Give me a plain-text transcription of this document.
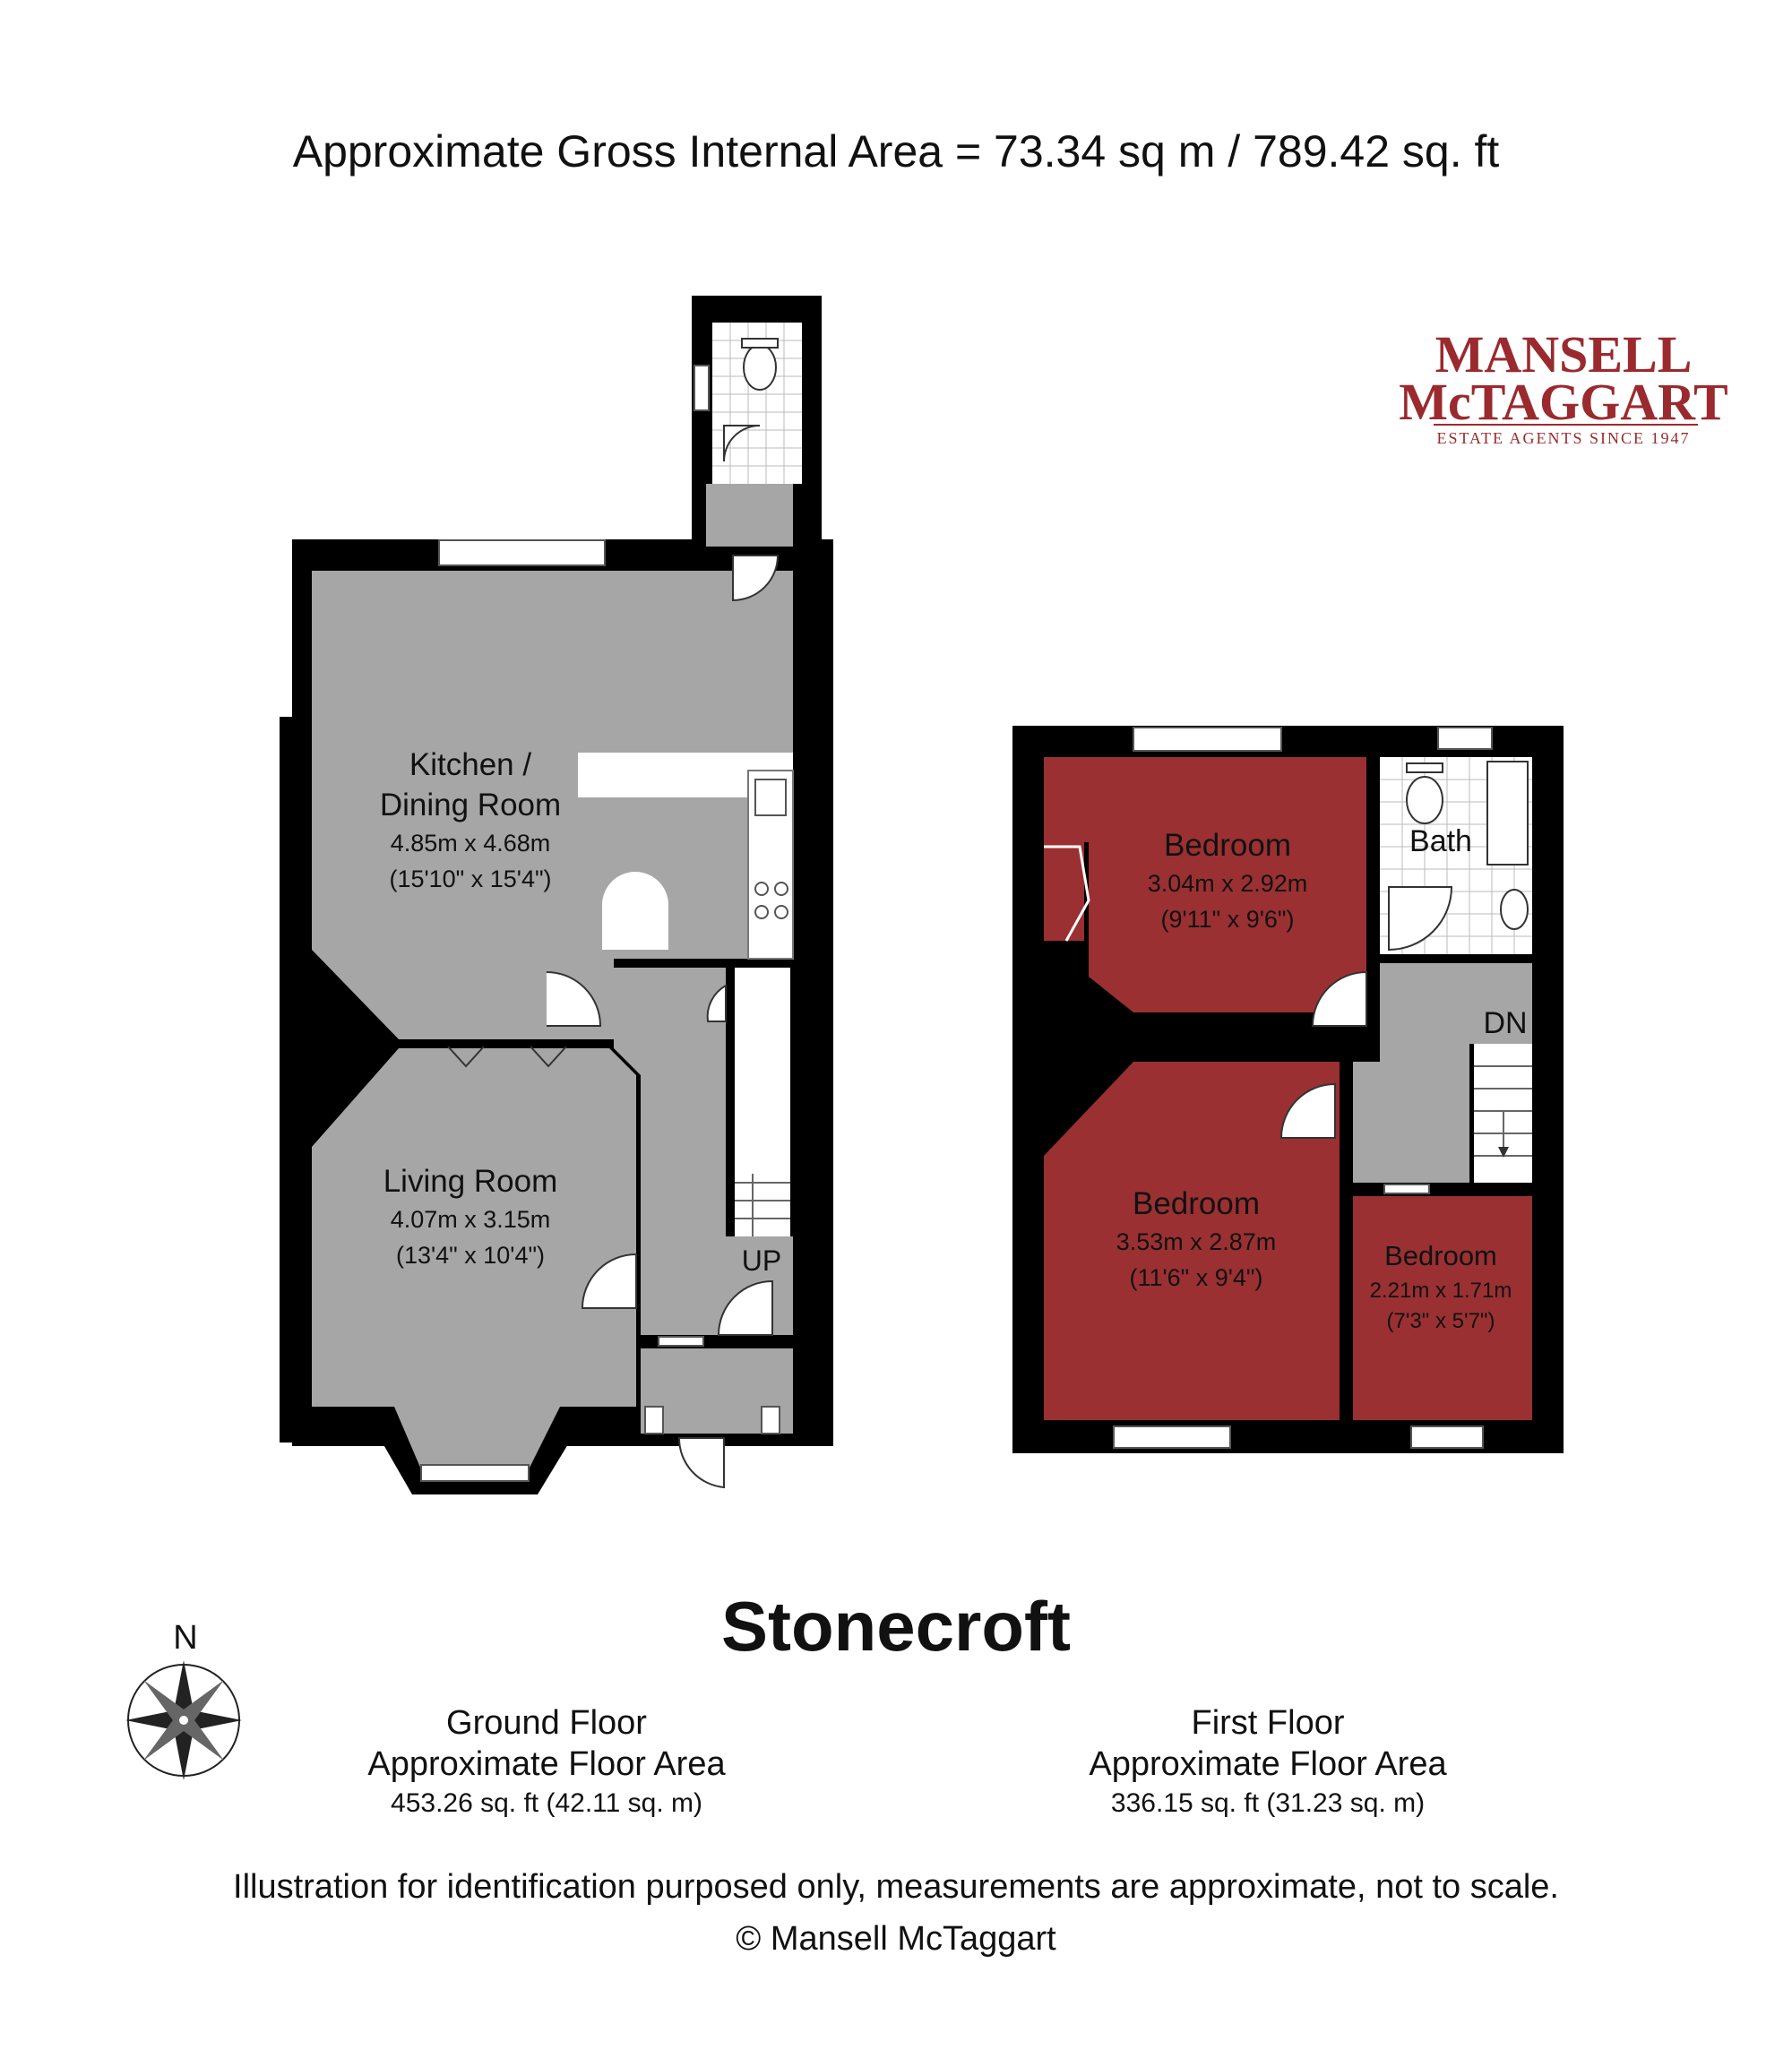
Approximate Gross Internal Area = 73.34 sq m / 789.42 sq. ft
MANSELL
McTAGGART
ESTATE AGENTS SINCE 1947
Kitchen /
Dining Room
4.85m x 4.68m
(15'10" x 15'4")
Living Room
4.07m x 3.15m
(13'4" x 10'4")	UP
Bedroom
3.04m x 2.92m
(9'11" x 9'6")
Bath
Bedroom
3.53m x 2.87m
(11'6" x 9'4")
Bedroom
2.21m x 1.71m
(7'3" x 5'7")
DN
N	Stonecroft
Ground Floor
Approximate Floor Area
453.26 sq. ft (42.11 sq. m)
First Floor
Approximate Floor Area
336.15 sq. ft (31.23 sq. m)
Illustration for identification purposed only, measurements are approximate, not to scale.
© Mansell McTaggart
